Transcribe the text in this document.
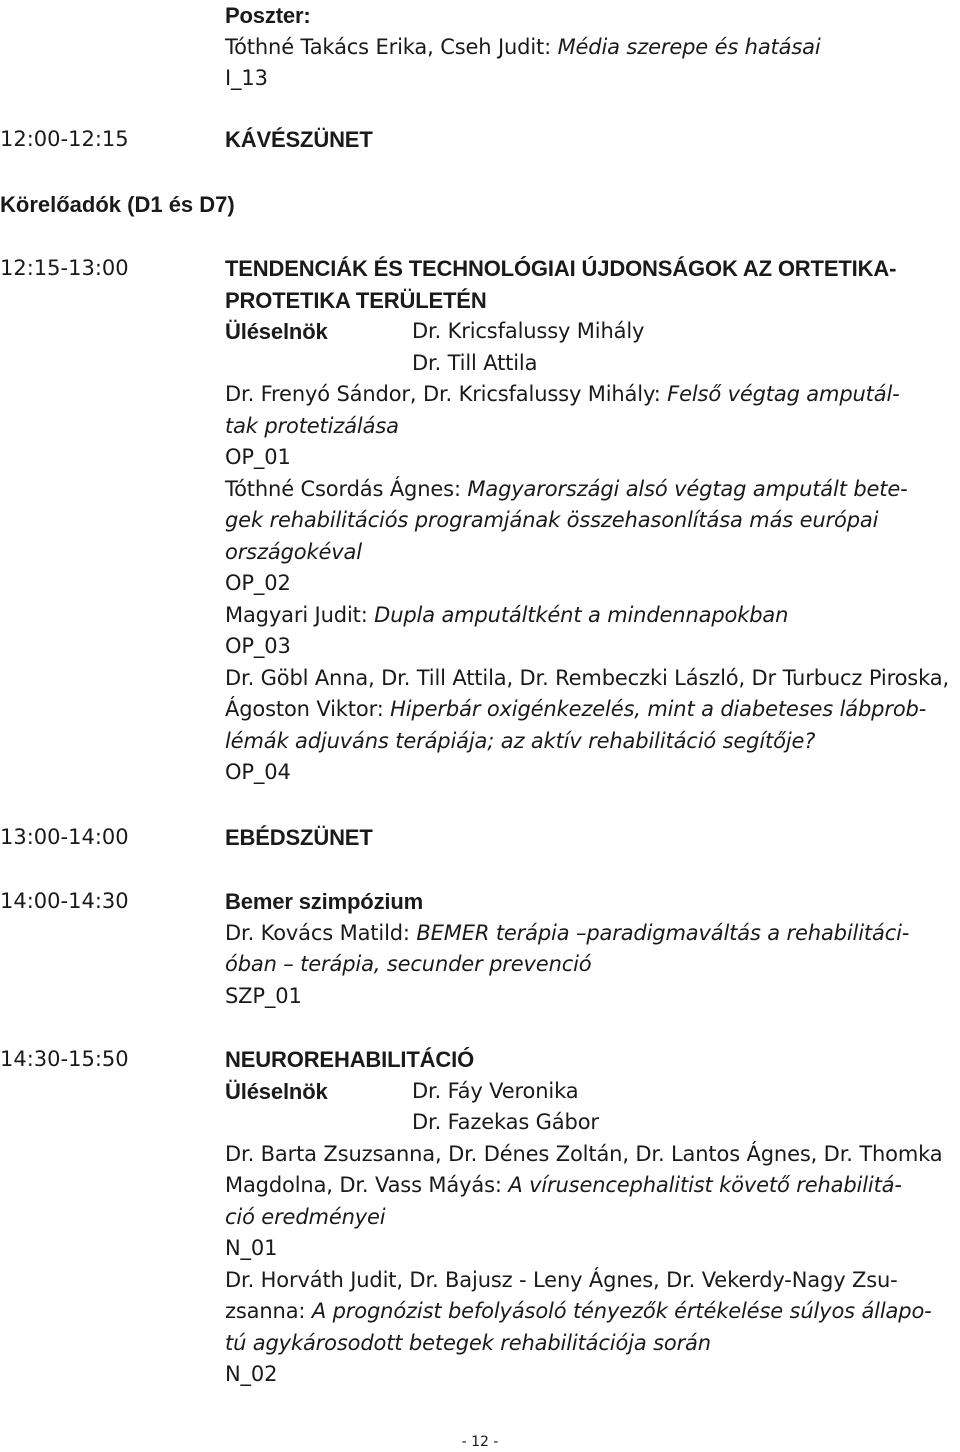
Poszter:
Tóthné Takács Erika, Cseh Judit: Média szerepe és hatásai
I_13
12:00-12:15	KÁVÉSZÜNET
Körelőadók (D1 és D7)
12:15-13:00	TENDENCIÁK ÉS TECHNOLÓGIAI ÚJDONSÁGOK AZ ORTETIKA-
PROTETIKA TERÜLETÉN
Üléselnök	Dr. Kricsfalussy Mihály
Dr. Till Attila
Dr. Frenyó Sándor, Dr. Kricsfalussy Mihály: Felső végtag amputál-
tak protetizálása
OP_01
Tóthné Csordás Ágnes: Magyarországi alsó végtag amputált bete-
gek rehabilitációs programjának összehasonlítása más európai
országokéval
OP_02
Magyari Judit: Dupla amputáltként a mindennapokban
OP_03
Dr. Göbl Anna, Dr. Till Attila, Dr. Rembeczki László, Dr Turbucz Piroska,
Ágoston Viktor: Hiperbár oxigénkezelés, mint a diabeteses lábprob-
lémák adjuváns terápiája; az aktív rehabilitáció segítője?
OP_04
13:00-14:00	EBÉDSZÜNET
14:00-14:30	Bemer szimpózium
Dr. Kovács Matild: BEMER terápia –paradigmaváltás a rehabilitáci-
óban – terápia, secunder prevenció
SZP_01
14:30-15:50	NEUROREHABILITÁCIÓ
Üléselnök	Dr. Fáy Veronika
Dr. Fazekas Gábor
Dr. Barta Zsuzsanna, Dr. Dénes Zoltán, Dr. Lantos Ágnes, Dr. Thomka
Magdolna, Dr. Vass Máyás: A vírusencephalitist követő rehabilitá-
ció eredményei
N_01
Dr. Horváth Judit, Dr. Bajusz - Leny Ágnes, Dr. Vekerdy-Nagy Zsu-
zsanna: A prognózist befolyásoló tényezők értékelése súlyos állapo-
tú agykárosodott betegek rehabilitációja során
N_02
- 12 -
